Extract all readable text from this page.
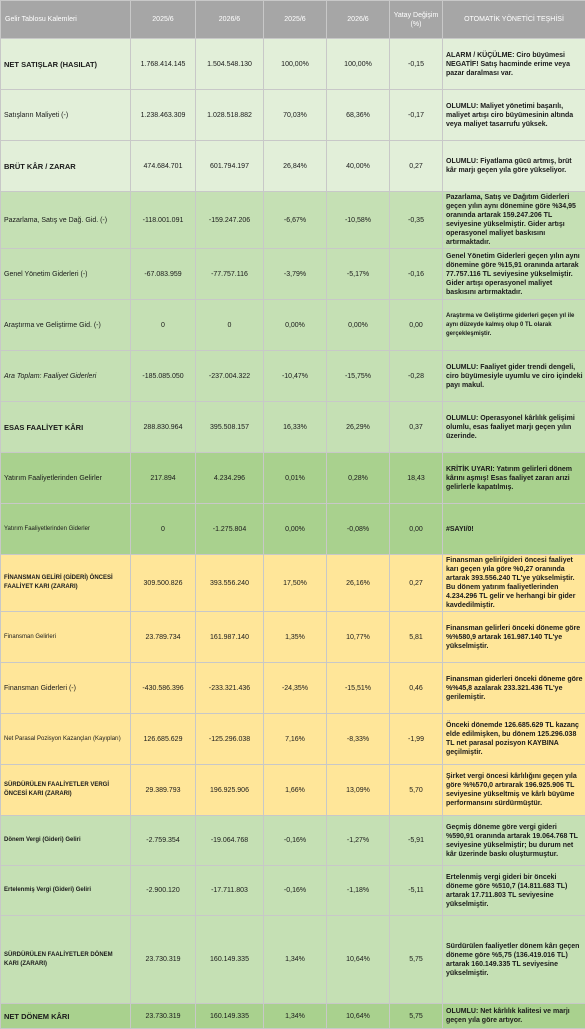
Gelir Tablosu Kalemleri	2025/6	2026/6	2025/6	2026/6	Yatay Değişim (%)	OTOMATİK YÖNETİCİ TEŞHİSİ
NET SATIŞLAR (HASILAT)	1.768.414.145	1.504.548.130	100,00%	100,00%	-0,15	ALARM / KÜÇÜLME: Ciro büyümesi NEGATİF! Satış hacminde erime veya pazar daralması var.
Satışların Maliyeti (-)	1.238.463.309	1.028.518.882	70,03%	68,36%	-0,17	OLUMLU: Maliyet yönetimi başarılı, maliyet artışı ciro büyümesinin altında veya maliyet tasarrufu yüksek.
BRÜT KÂR / ZARAR	474.684.701	601.794.197	26,84%	40,00%	0,27	OLUMLU: Fiyatlama gücü artmış, brüt kâr marjı geçen yıla göre yükseliyor.
Pazarlama, Satış ve Dağ. Gid. (-)	-118.001.091	-159.247.206	-6,67%	-10,58%	-0,35	Pazarlama, Satış ve Dağıtım Giderleri geçen yılın aynı dönemine göre %34,95 oranında artarak 159.247.206 TL seviyesine yükselmiştir. Gider artışı operasyonel maliyet baskısını artırmaktadır.
Genel Yönetim Giderleri (-)	-67.083.959	-77.757.116	-3,79%	-5,17%	-0,16	Genel Yönetim Giderleri geçen yılın aynı dönemine göre %15,91 oranında artarak 77.757.116 TL seviyesine yükselmiştir. Gider artışı operasyonel maliyet baskısını artırmaktadır.
Araştırma ve Geliştirme Gid. (-)	0	0	0,00%	0,00%	0,00	Araştırma ve Geliştirme giderleri geçen yıl ile aynı düzeyde kalmış olup 0 TL olarak gerçekleşmiştir.
Ara Toplam: Faaliyet Giderleri	-185.085.050	-237.004.322	-10,47%	-15,75%	-0,28	OLUMLU: Faaliyet gider trendi dengeli, ciro büyümesiyle uyumlu ve ciro içindeki payı makul.
ESAS FAALİYET KÂRI	288.830.964	395.508.157	16,33%	26,29%	0,37	OLUMLU: Operasyonel kârlılık gelişimi olumlu, esas faaliyet marjı geçen yılın üzerinde.
Yatırım Faaliyetlerinden Gelirler	217.894	4.234.296	0,01%	0,28%	18,43	KRİTİK UYARI: Yatırım gelirleri dönem kârını aşmış! Esas faaliyet zararı arızi gelirlerle kapatılmış.
Yatırım Faaliyetlerinden Giderler	0	-1.275.804	0,00%	-0,08%	0,00	#SAYI/0!
FİNANSMAN GELİRİ (GİDERİ) ÖNCESİ FAALİYET KARI (ZARARI)	309.500.826	393.556.240	17,50%	26,16%	0,27	Finansman geliri/gideri öncesi faaliyet karı geçen yıla göre %0,27 oranında artarak 393.556.240 TL'ye yükselmiştir. Bu dönem yatırım faaliyetlerinden 4.234.296 TL gelir ve herhangi bir gider kavdedilmiştir.
Finansman Gelirleri	23.789.734	161.987.140	1,35%	10,77%	5,81	Finansman gelirleri önceki döneme göre %%580,9 artarak 161.987.140 TL'ye yükselmiştir.
Finansman Giderleri (-)	-430.586.396	-233.321.436	-24,35%	-15,51%	0,46	Finansman giderleri önceki döneme göre %%45,8 azalarak 233.321.436 TL'ye gerilemiştir.
Net Parasal Pozisyon Kazançları (Kayıpları)	126.685.629	-125.296.038	7,16%	-8,33%	-1,99	Önceki dönemde 126.685.629 TL kazanç elde edilmişken, bu dönem 125.296.038 TL net parasal pozisyon KAYBINA geçilmiştir.
SÜRDÜRÜLEN FAALİYETLER VERGİ ÖNCESİ KARI (ZARARI)	29.389.793	196.925.906	1,66%	13,09%	5,70	Şirket vergi öncesi kârlılığını geçen yıla göre %%570,0 artırarak 196.925.906 TL seviyesine yükseltmiş ve kârlı büyüme performansını sürdürmüştür.
Dönem Vergi (Gideri) Geliri	-2.759.354	-19.064.768	-0,16%	-1,27%	-5,91	Geçmiş döneme göre vergi gideri %590,91 oranında artarak 19.064.768 TL seviyesine yükselmiştir; bu durum net kâr üzerinde baskı oluşturmuştur.
Ertelenmiş Vergi (Gideri) Geliri	-2.900.120	-17.711.803	-0,16%	-1,18%	-5,11	Ertelenmiş vergi gideri bir önceki döneme göre %510,7 (14.811.683 TL) artarak 17.711.803 TL seviyesine yükselmiştir.
SÜRDÜRÜLEN FAALİYETLER DÖNEM KARI (ZARARI)	23.730.319	160.149.335	1,34%	10,64%	5,75	Sürdürülen faaliyetler dönem kârı geçen döneme göre %5,75 (136.419.016 TL) artarak 160.149.335 TL seviyesine yükselmiştir.
NET DÖNEM KÂRI	23.730.319	160.149.335	1,34%	10,64%	5,75	OLUMLU: Net kârlılık kalitesi ve marjı geçen yıla göre artıyor.
